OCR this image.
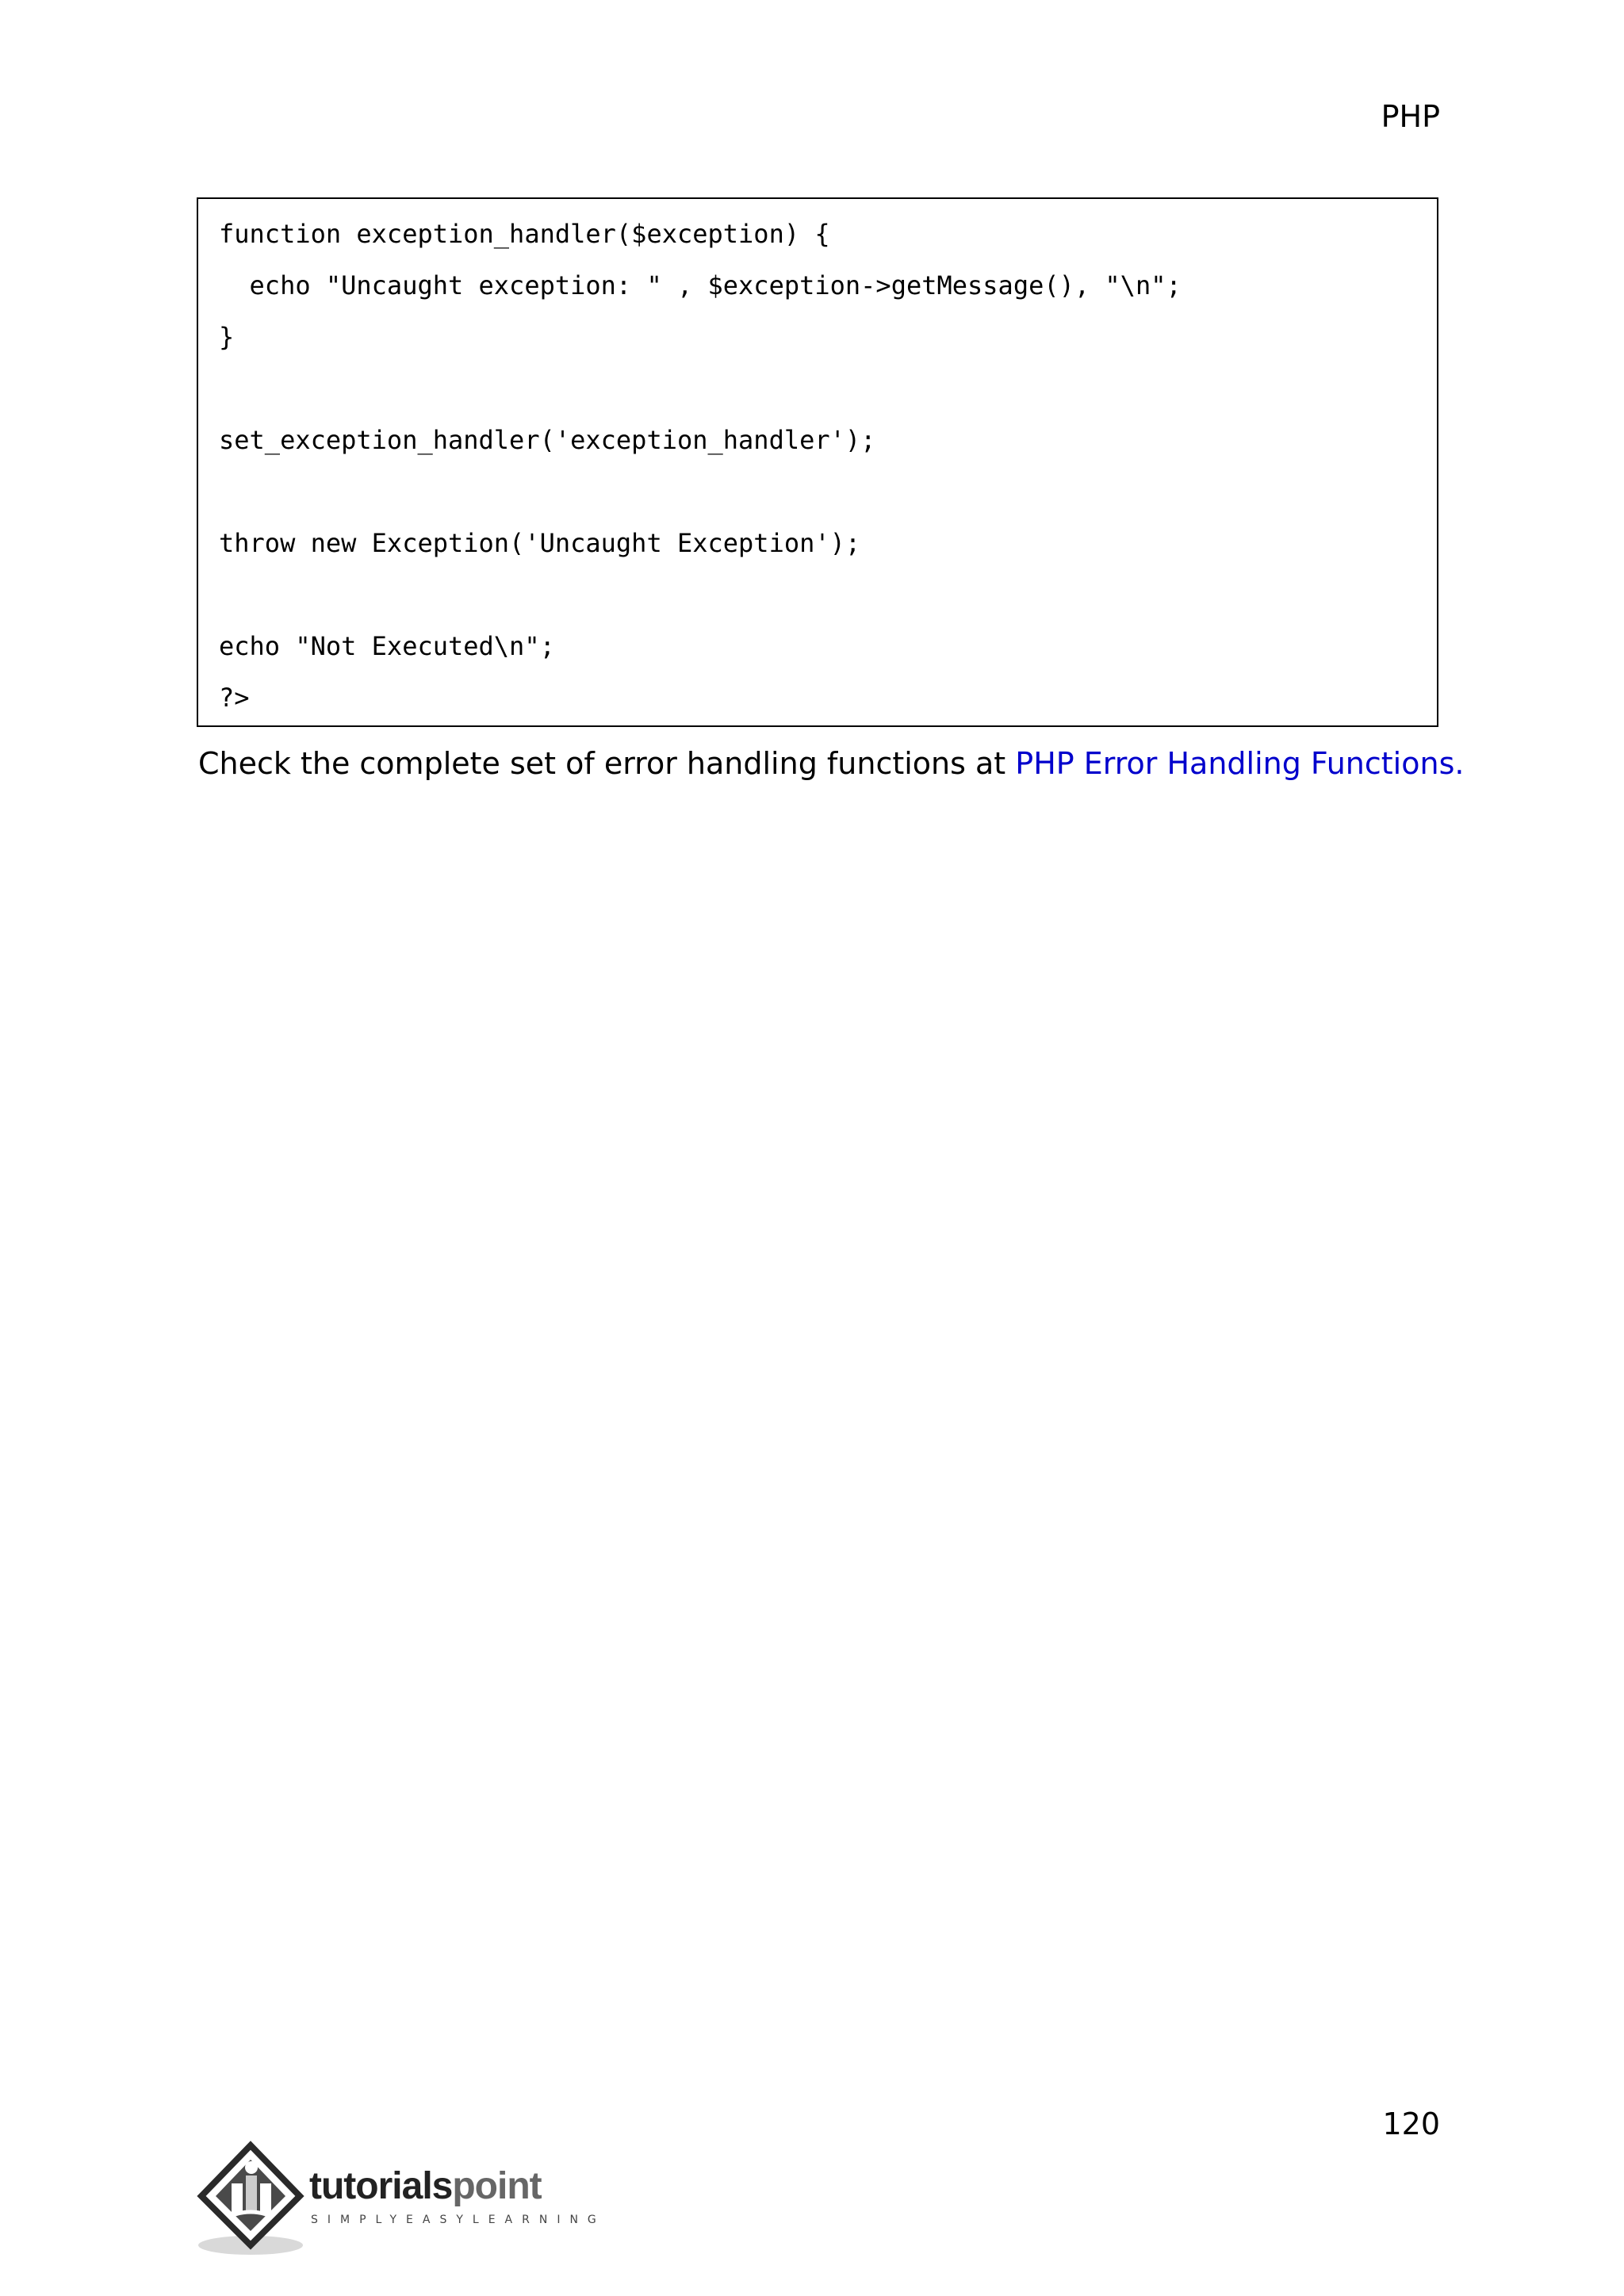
PHP
function exception_handler($exception) {
echo "Uncaught exception: " , $exception->getMessage(), "\n";
}
set_exception_handler('exception_handler');
throw new Exception('Uncaught Exception');
echo "Not Executed\n";
?>
Check the complete set of error handling functions at PHP Error Handling Functions.
120
tutorialspoint
SIMPLYEASYLEARNING
